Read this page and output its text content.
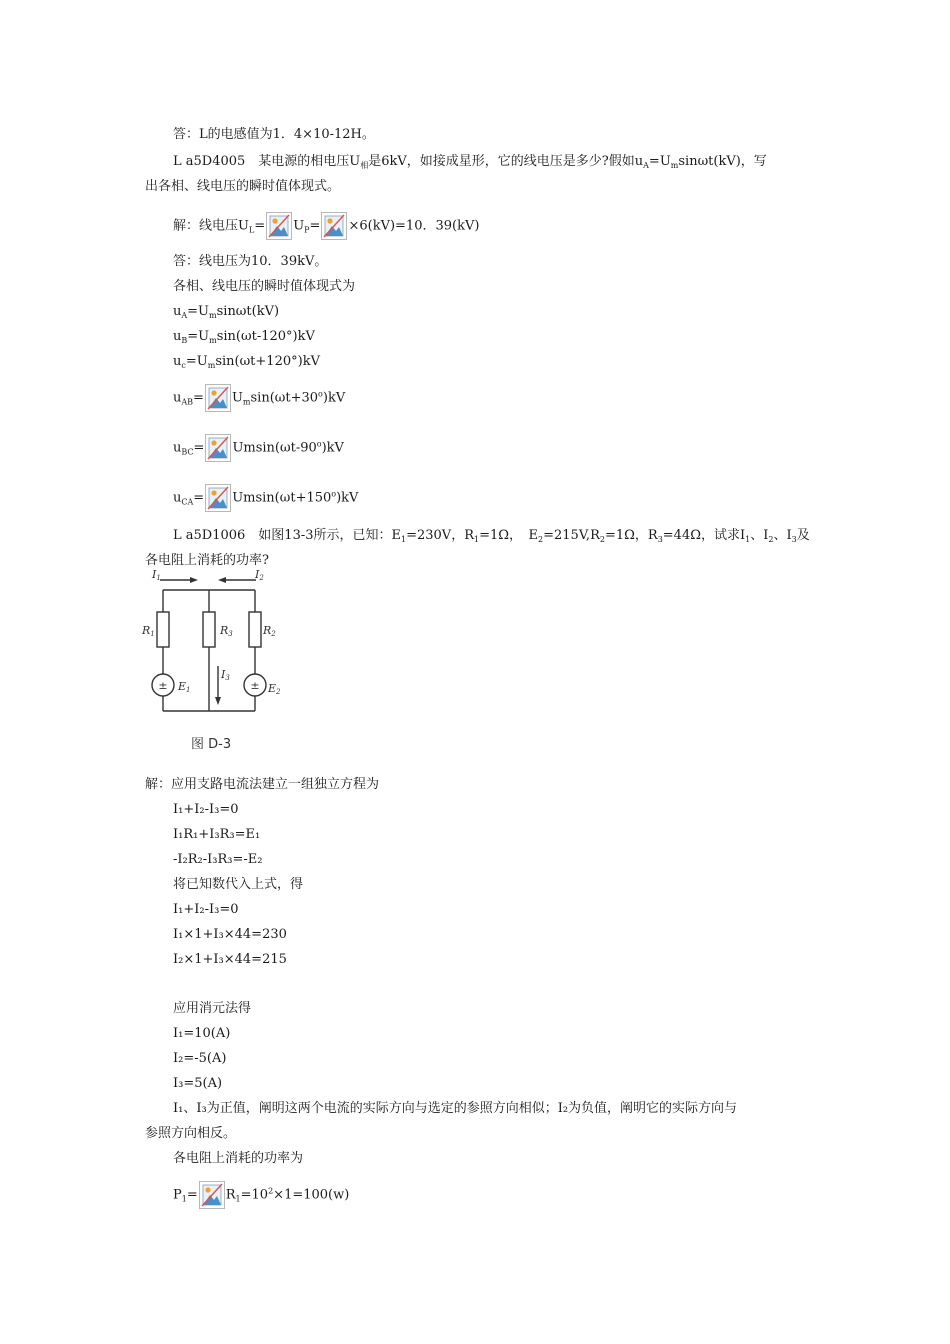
答：L的电感值为1．4×10-12H。
L a5D4005　某电源的相电压$U_相$是6kV，如接成星形，它的线电压是多少?假如$u_A=U_m\sin\omega t(kV)$，写
出各相、线电压的瞬时值体现式。
解：线电压$U_L= U_P= \times 6(kV)=10$．39(kV)
答：线电压为10．39kV。
各相、线电压的瞬时值体现式为
$u_A=U_m\sin\omega t(kV)$
$u_B=U_m\sin(\omega t-120^\circ)kV$
$u_c=U_m\sin(\omega t+120^\circ)kV$
$u_{AB}= U_m\sin(\omega t+30^o)kV$
$u_{BC}= Umsin(\omega t-90^o)kV$
$u_{CA}= Umsin(\omega t+150^o)kV$
L a5D1006　如图13-3所示，已知：$E_1=230V$，$R_1=1\Omega$，　$E_2=215V,R_2=1\Omega$，$R_3=44\Omega$，试求$I_1$、$I_2$、$I_3$及
各电阻上消耗的功率?
I1	I2
R1	R3	R2
I3
E1	E2
±	±
图 D-3
解：应用支路电流法建立一组独立方程为
I₁+I₂-I₃=0
I₁R₁+I₃R₃=E₁
-I₂R₂-I₃R₃=-E₂
将已知数代入上式，得
I₁+I₂-I₃=0
I₁×1+I₃×44=230
I₂×1+I₃×44=215
应用消元法得
I₁=10(A)
I₂=-5(A)
I₃=5(A)
I₁、I₃为正值，阐明这两个电流的实际方向与选定的参照方向相似；I₂为负值，阐明它的实际方向与
参照方向相反。
各电阻上消耗的功率为
$P_1= R_1=10^2\times 1=100(w)$
